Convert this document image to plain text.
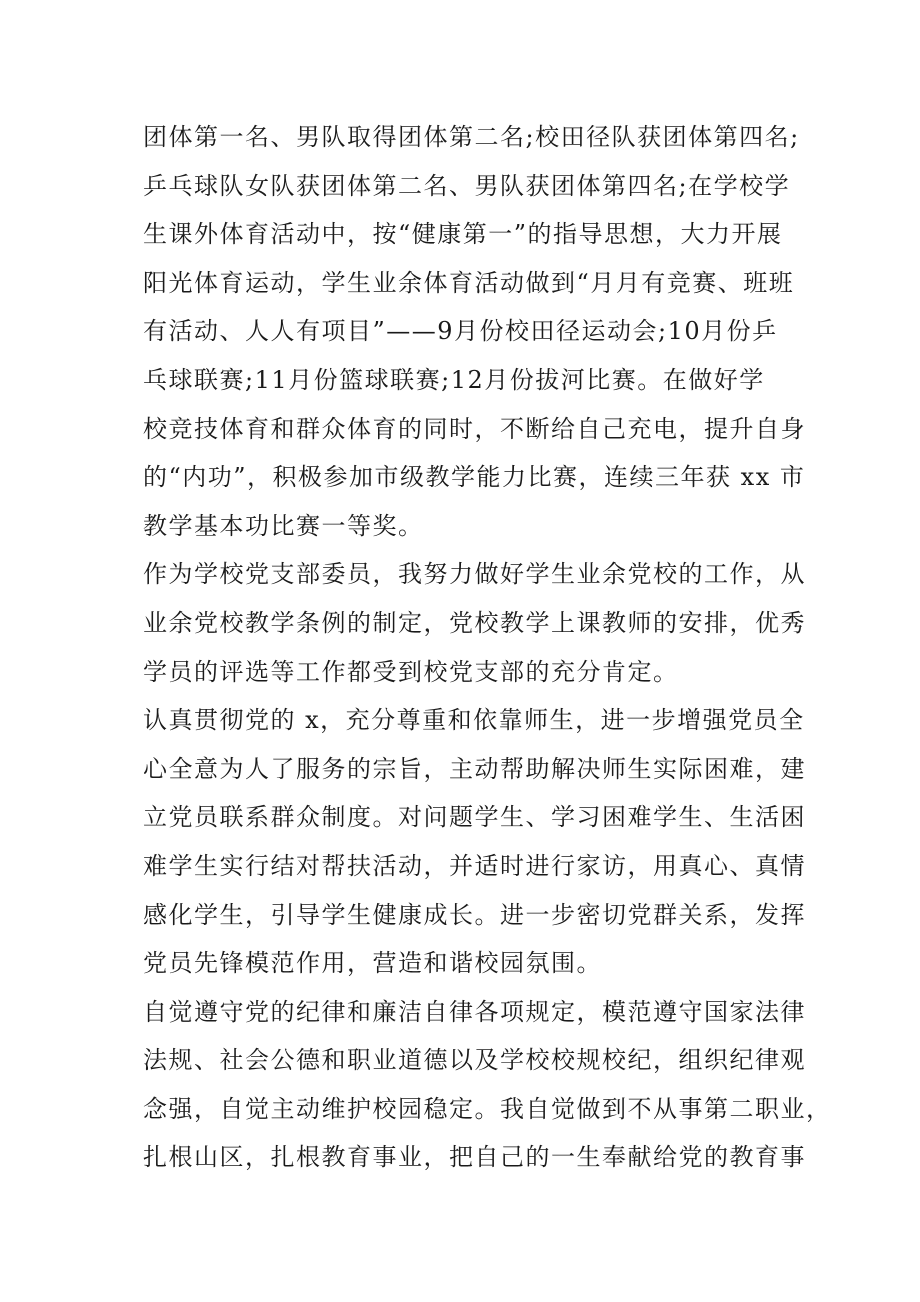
团体第一名、男队取得团体第二名;校田径队获团体第四名;
乒乓球队女队获团体第二名、男队获团体第四名;在学校学
生课外体育活动中，按“健康第一”的指导思想，大力开展
阳光体育运动，学生业余体育活动做到“月月有竞赛、班班
有活动、人人有项目”——9月份校田径运动会;10月份乒
乓球联赛;11月份篮球联赛;12月份拔河比赛。在做好学
校竞技体育和群众体育的同时，不断给自己充电，提升自身
的“内功”，积极参加市级教学能力比赛，连续三年获 xx 市
教学基本功比赛一等奖。
作为学校党支部委员，我努力做好学生业余党校的工作，从
业余党校教学条例的制定，党校教学上课教师的安排，优秀
学员的评选等工作都受到校党支部的充分肯定。
认真贯彻党的 x，充分尊重和依靠师生，进一步增强党员全
心全意为人了服务的宗旨，主动帮助解决师生实际困难，建
立党员联系群众制度。对问题学生、学习困难学生、生活困
难学生实行结对帮扶活动，并适时进行家访，用真心、真情
感化学生，引导学生健康成长。进一步密切党群关系，发挥
党员先锋模范作用，营造和谐校园氛围。
自觉遵守党的纪律和廉洁自律各项规定，模范遵守国家法律
法规、社会公德和职业道德以及学校校规校纪，组织纪律观
念强，自觉主动维护校园稳定。我自觉做到不从事第二职业，
扎根山区，扎根教育事业，把自己的一生奉献给党的教育事
